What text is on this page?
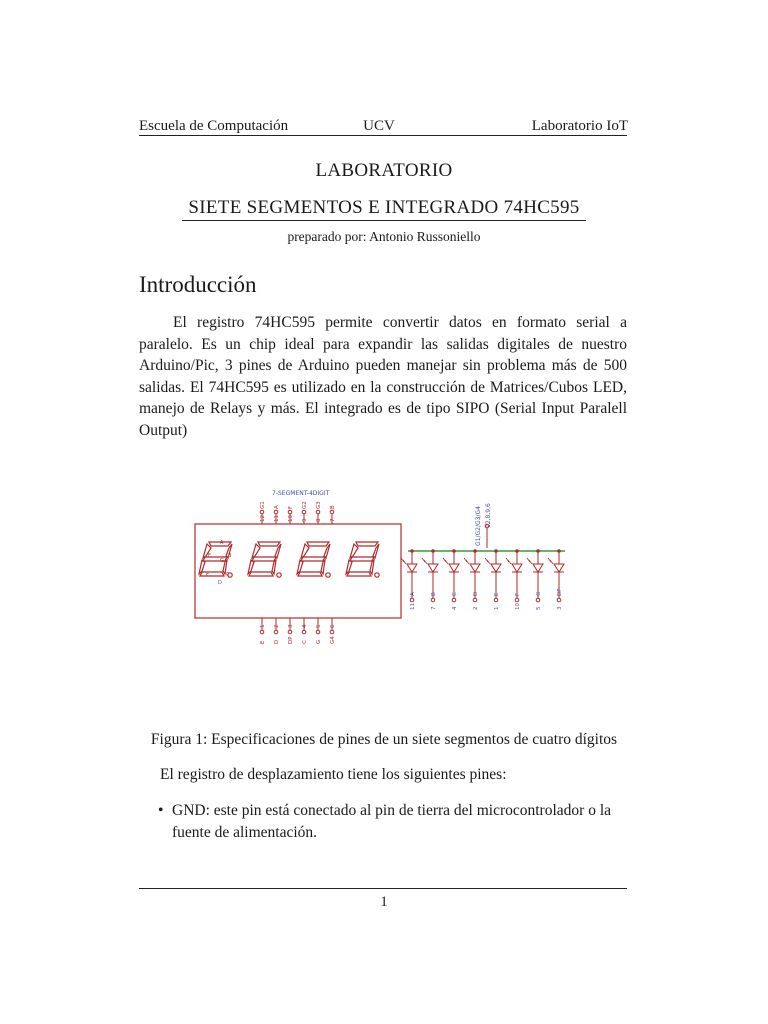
Escuela de Computación	UCV	Laboratorio IoT
LABORATORIO
SIETE SEGMENTOS E INTEGRADO 74HC595
preparado por: Antonio Russoniello
Introducción
El registro 74HC595 permite convertir datos en formato serial a paralelo. Es un chip ideal para expandir las salidas digitales de nuestro Arduino/Pic, 3 pines de Arduino pueden manejar sin problema más de 500 salidas. El 74HC595 es utilizado en la construcción de Matrices/Cubos LED, manejo de Relays y más. El integrado es de tipo SIPO (Serial Input Paralell Output)
7-SEGMENT-4DIGIT
A
F	B
G
E	C
D
12
G1
11
A
10
F
9
G2
8
G3
7
B
1
E
2
D
3
DP
4
C
5
G
6
G4
G1/G2/G3/G4 12,8,9,6
A
11
B
7
C
4
D
2
E
1
F
10
G
5
DP
3
Figura 1: Especificaciones de pines de un siete segmentos de cuatro dígitos
El registro de desplazamiento tiene los siguientes pines:
• GND: este pin está conectado al pin de tierra del microcontrolador o la fuente de alimentación.
1
